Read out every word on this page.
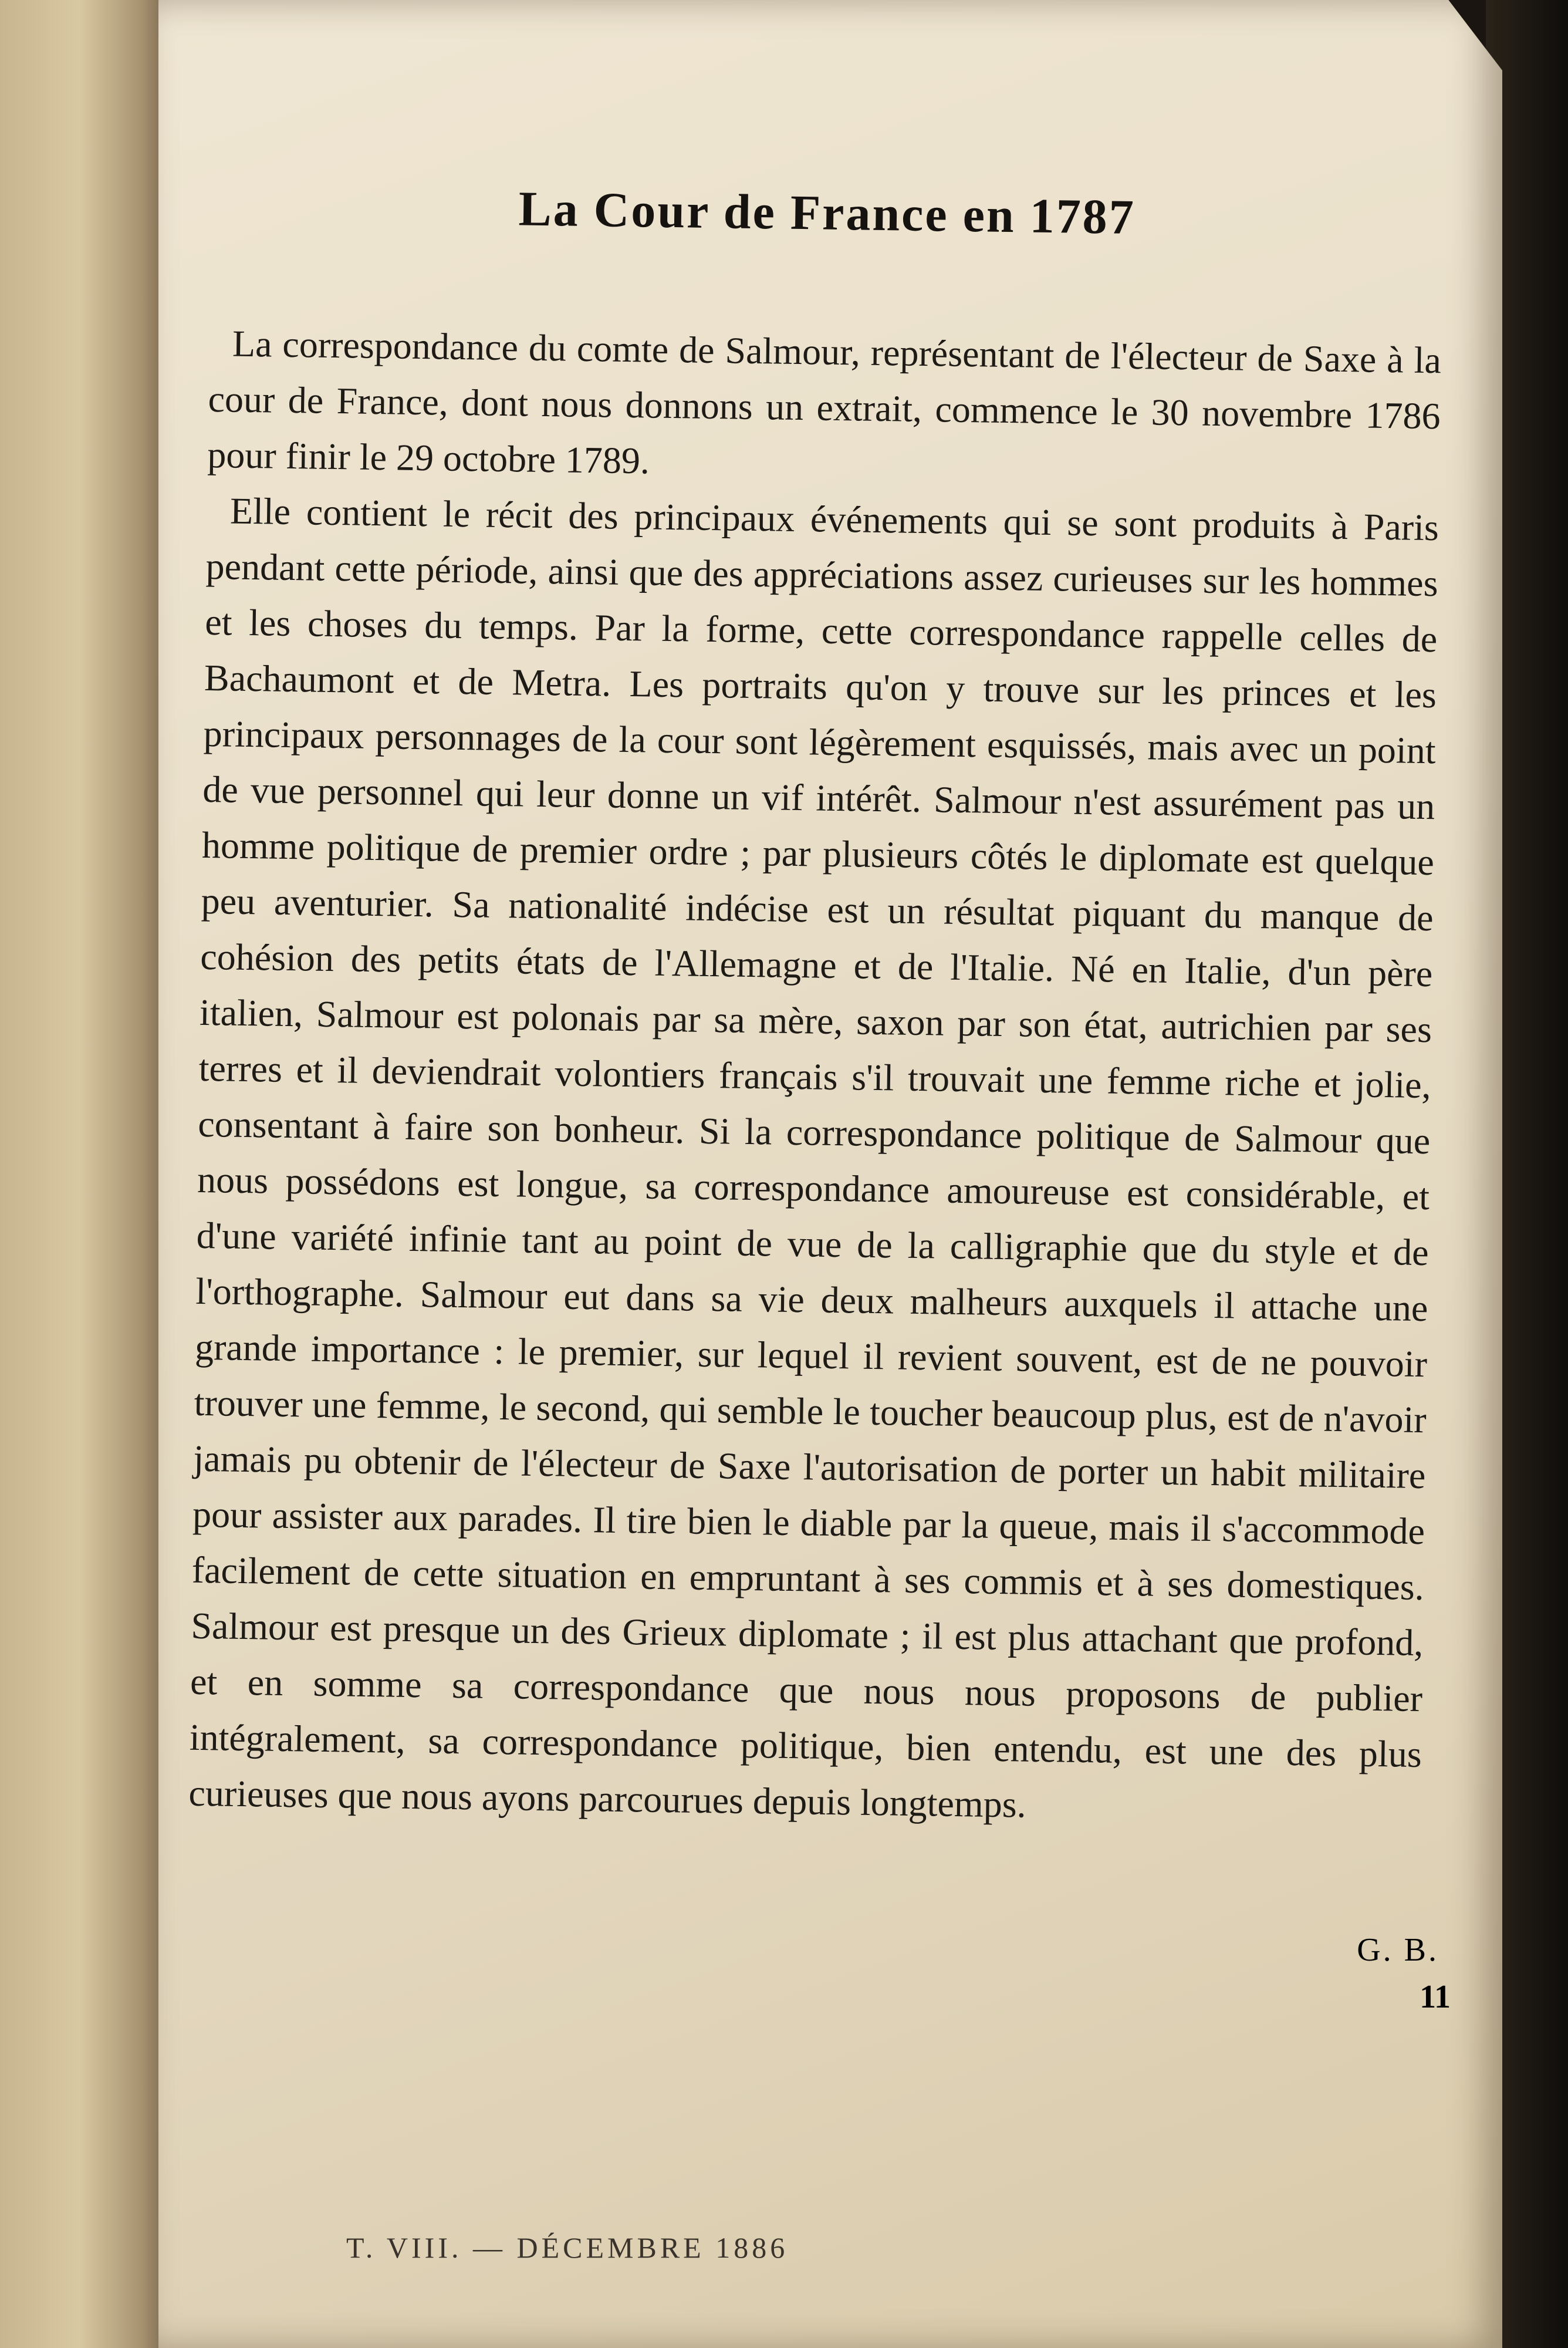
La Cour de France en 1787

La correspondance du comte de Salmour, représentant de l'électeur de Saxe à la cour de France, dont nous donnons un extrait, commence le 30 novembre 1786 pour finir le 29 octobre 1789.

Elle contient le récit des principaux événements qui se sont produits à Paris pendant cette période, ainsi que des appréciations assez curieuses sur les hommes et les choses du temps. Par la forme, cette correspondance rappelle celles de Bachaumont et de Metra. Les portraits qu'on y trouve sur les princes et les principaux personnages de la cour sont légèrement esquissés, mais avec un point de vue personnel qui leur donne un vif intérêt. Salmour n'est assurément pas un homme politique de premier ordre ; par plusieurs côtés le diplomate est quelque peu aventurier. Sa nationalité indécise est un résultat piquant du manque de cohésion des petits états de l'Allemagne et de l'Italie. Né en Italie, d'un père italien, Salmour est polonais par sa mère, saxon par son état, autrichien par ses terres et il deviendrait volontiers français s'il trouvait une femme riche et jolie, consentant à faire son bonheur. Si la correspondance politique de Salmour que nous possédons est longue, sa correspondance amoureuse est considérable, et d'une variété infinie tant au point de vue de la calligraphie que du style et de l'orthographe. Salmour eut dans sa vie deux malheurs auxquels il attache une grande importance : le premier, sur lequel il revient souvent, est de ne pouvoir trouver une femme, le second, qui semble le toucher beaucoup plus, est de n'avoir jamais pu obtenir de l'électeur de Saxe l'autorisation de porter un habit militaire pour assister aux parades. Il tire bien le diable par la queue, mais il s'accommode facilement de cette situation en empruntant à ses commis et à ses domestiques. Salmour est presque un des Grieux diplomate ; il est plus attachant que profond, et en somme sa correspondance que nous nous proposons de publier intégralement, sa correspondance politique, bien entendu, est une des plus curieuses que nous ayons parcourues depuis longtemps.

G. B.
11
T. VIII. — DÉCEMBRE 1886
